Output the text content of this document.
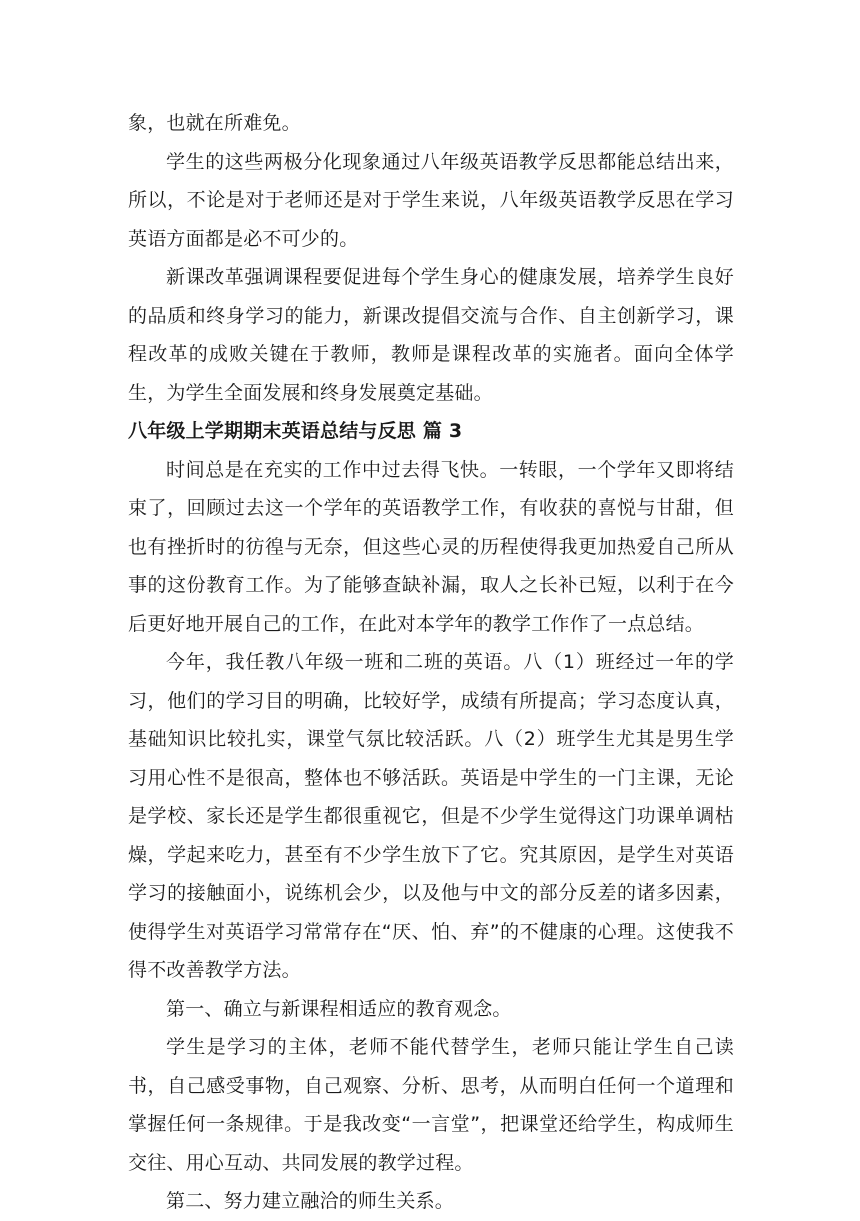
象，也就在所难免。

学生的这些两极分化现象通过八年级英语教学反思都能总结出来，所以，不论是对于老师还是对于学生来说，八年级英语教学反思在学习英语方面都是必不可少的。

新课改革强调课程要促进每个学生身心的健康发展，培养学生良好的品质和终身学习的能力，新课改提倡交流与合作、自主创新学习，课程改革的成败关键在于教师，教师是课程改革的实施者。面向全体学生，为学生全面发展和终身发展奠定基础。

八年级上学期期末英语总结与反思 篇 3

时间总是在充实的工作中过去得飞快。一转眼，一个学年又即将结束了，回顾过去这一个学年的英语教学工作，有收获的喜悦与甘甜，但也有挫折时的彷徨与无奈，但这些心灵的历程使得我更加热爱自己所从事的这份教育工作。为了能够查缺补漏，取人之长补已短，以利于在今后更好地开展自己的工作，在此对本学年的教学工作作了一点总结。

今年，我任教八年级一班和二班的英语。八（1）班经过一年的学习，他们的学习目的明确，比较好学，成绩有所提高；学习态度认真，基础知识比较扎实，课堂气氛比较活跃。八（2）班学生尤其是男生学习用心性不是很高，整体也不够活跃。英语是中学生的一门主课，无论是学校、家长还是学生都很重视它，但是不少学生觉得这门功课单调枯燥，学起来吃力，甚至有不少学生放下了它。究其原因，是学生对英语学习的接触面小，说练机会少，以及他与中文的部分反差的诸多因素，使得学生对英语学习常常存在“厌、怕、弃”的不健康的心理。这使我不得不改善教学方法。

第一、确立与新课程相适应的教育观念。

学生是学习的主体，老师不能代替学生，老师只能让学生自己读书，自己感受事物，自己观察、分析、思考，从而明白任何一个道理和掌握任何一条规律。于是我改变“一言堂”，把课堂还给学生，构成师生交往、用心互动、共同发展的教学过程。

第二、努力建立融洽的师生关系。
